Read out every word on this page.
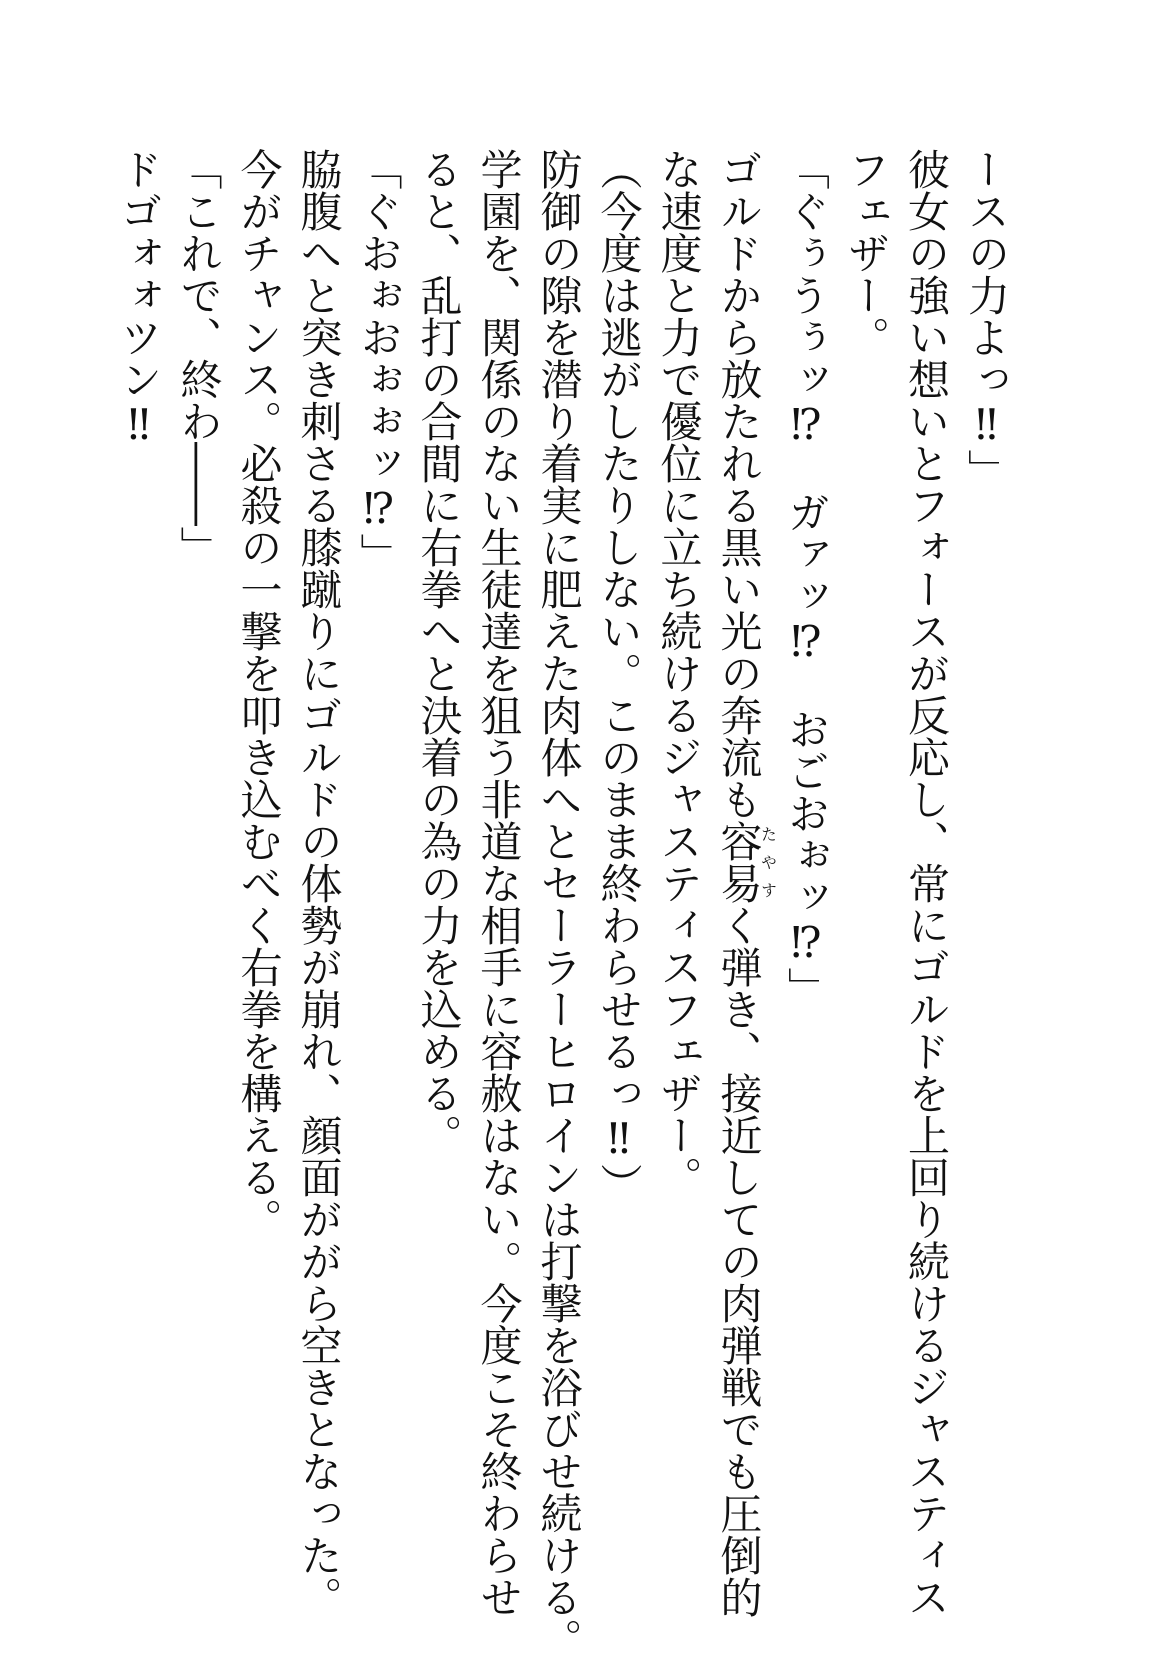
ースの力よっ‼」

彼女の強い想いとフォースが反応し、常にゴルドを上回り続けるジャスティス

フェザー。

「ぐぅうぅッ⁉　ガァッ⁉　おごおぉッ⁉」

ゴルドから放たれる黒い光の奔流も容易たやすく弾き、接近しての肉弾戦でも圧倒的

な速度と力で優位に立ち続けるジャスティスフェザー。

（今度は逃がしたりしない。このまま終わらせるっ‼）

防御の隙を潜り着実に肥えた肉体へとセーラーヒロインは打撃を浴びせ続ける。

学園を、関係のない生徒達を狙う非道な相手に容赦はない。今度こそ終わらせ

ると、乱打の合間に右拳へと決着の為の力を込める。

「ぐおぉおぉぉッ⁉」

脇腹へと突き刺さる膝蹴りにゴルドの体勢が崩れ、顔面ががら空きとなった。

今がチャンス。必殺の一撃を叩き込むべく右拳を構える。

「これで、終わ――」

ドゴォォツン‼
